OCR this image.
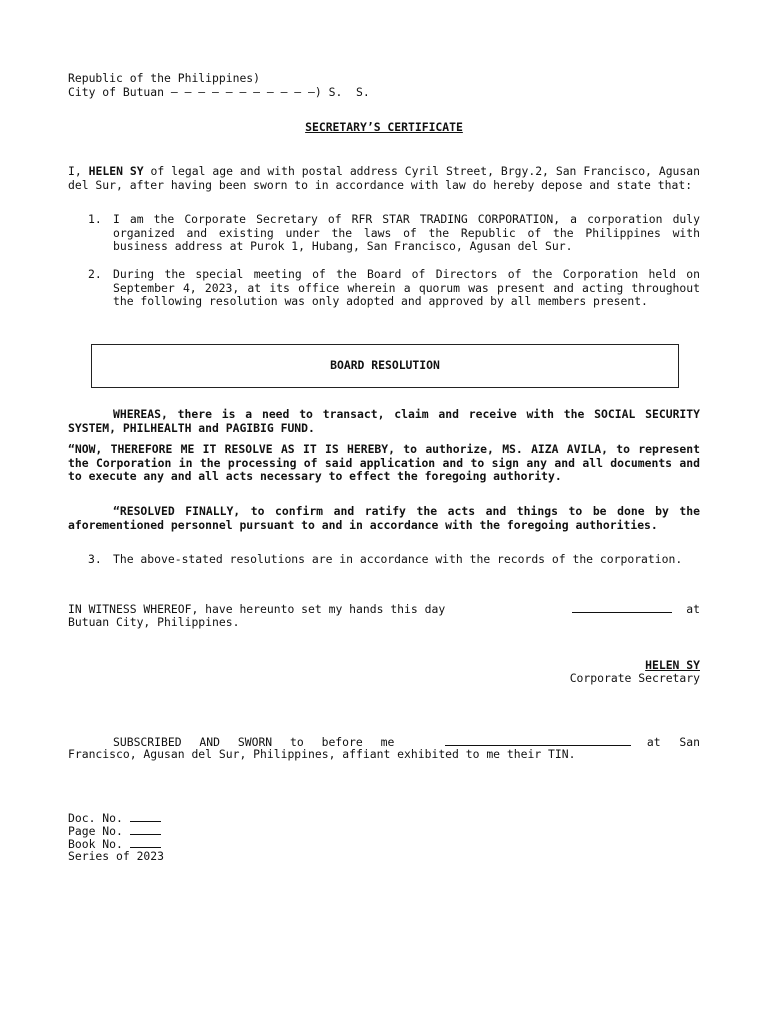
Republic of the Philippines)
City of Butuan – – – – – – – – – – –) S.  S.
SECRETARY’S CERTIFICATE
I, HELEN SY of legal age and with postal address Cyril Street, Brgy.2, San Francisco, Agusan del Sur, after having been sworn to in accordance with law do hereby depose and state that:
1. I am the Corporate Secretary of RFR STAR TRADING CORPORATION, a corporation duly organized and existing under the laws of the Republic of the Philippines with business address at Purok 1, Hubang, San Francisco, Agusan del Sur.
2. During the special meeting of the Board of Directors of the Corporation held on September 4, 2023, at its office wherein a quorum was present and acting throughout the following resolution was only adopted and approved by all members present.
BOARD RESOLUTION
WHEREAS, there is a need to transact, claim and receive with the SOCIAL SECURITY SYSTEM, PHILHEALTH and PAGIBIG FUND.
“NOW, THEREFORE ME IT RESOLVE AS IT IS HEREBY, to authorize, MS. AIZA AVILA, to represent the Corporation in the processing of said application and to sign any and all documents and to execute any and all acts necessary to effect the foregoing authority.
“RESOLVED FINALLY, to confirm and ratify the acts and things to be done by the aforementioned personnel pursuant to and in accordance with the foregoing authorities.
3. The above-stated resolutions are in accordance with the records of the corporation.
IN WITNESS WHEREOF, have hereunto set my hands this day	at
Butuan City, Philippines.
HELEN SY
Corporate Secretary
SUBSCRIBED AND SWORN to before me	at San
Francisco, Agusan del Sur, Philippines, affiant exhibited to me their TIN.
Doc. No.
Page No.
Book No.
Series of 2023
